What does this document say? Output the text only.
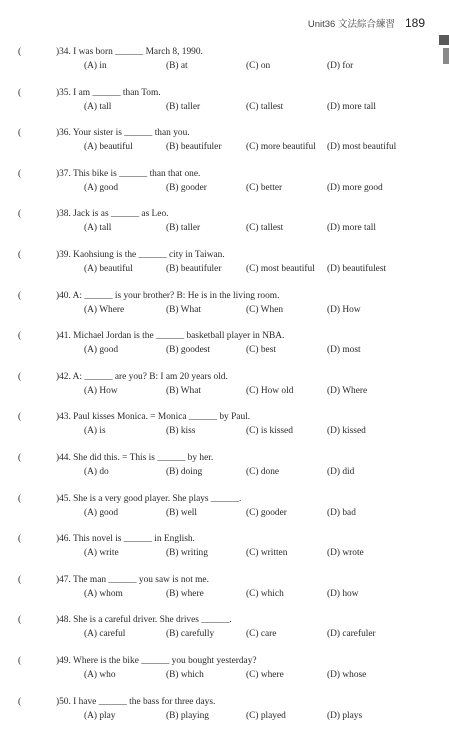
Unit36 文法綜合練習 189
(	)34. I was born ______ March 8, 1990.
(A) in	(B) at	(C) on	(D) for
(	)35. I am ______ than Tom.
(A) tall	(B) taller	(C) tallest	(D) more tall
(	)36. Your sister is ______ than you.
(A) beautiful	(B) beautifuler	(C) more beautiful (D) most beautiful
(	)37. This bike is ______ than that one.
(A) good	(B) gooder	(C) better	(D) more good
(	)38. Jack is as ______ as Leo.
(A) tall	(B) taller	(C) tallest	(D) more tall
(	)39. Kaohsiung is the ______ city in Taiwan.
(A) beautiful	(B) beautifuler	(C) most beautiful (D) beautifulest
(	)40. A: ______ is your brother? B: He is in the living room.
(A) Where	(B) What	(C) When	(D) How
(	)41. Michael Jordan is the ______ basketball player in NBA.
(A) good	(B) goodest	(C) best	(D) most
(	)42. A: ______ are you? B: I am 20 years old.
(A) How	(B) What	(C) How old	(D) Where
(	)43. Paul kisses Monica. = Monica ______ by Paul.
(A) is	(B) kiss	(C) is kissed	(D) kissed
(	)44. She did this. = This is ______ by her.
(A) do	(B) doing	(C) done	(D) did
(	)45. She is a very good player. She plays ______.
(A) good	(B) well	(C) gooder	(D) bad
(	)46. This novel is ______ in English.
(A) write	(B) writing	(C) written	(D) wrote
(	)47. The man ______ you saw is not me.
(A) whom	(B) where	(C) which	(D) how
(	)48. She is a careful driver. She drives ______.
(A) careful	(B) carefully	(C) care	(D) carefuler
(	)49. Where is the bike ______ you bought yesterday?
(A) who	(B) which	(C) where	(D) whose
(	)50. I have ______ the bass for three days.
(A) play	(B) playing	(C) played	(D) plays
